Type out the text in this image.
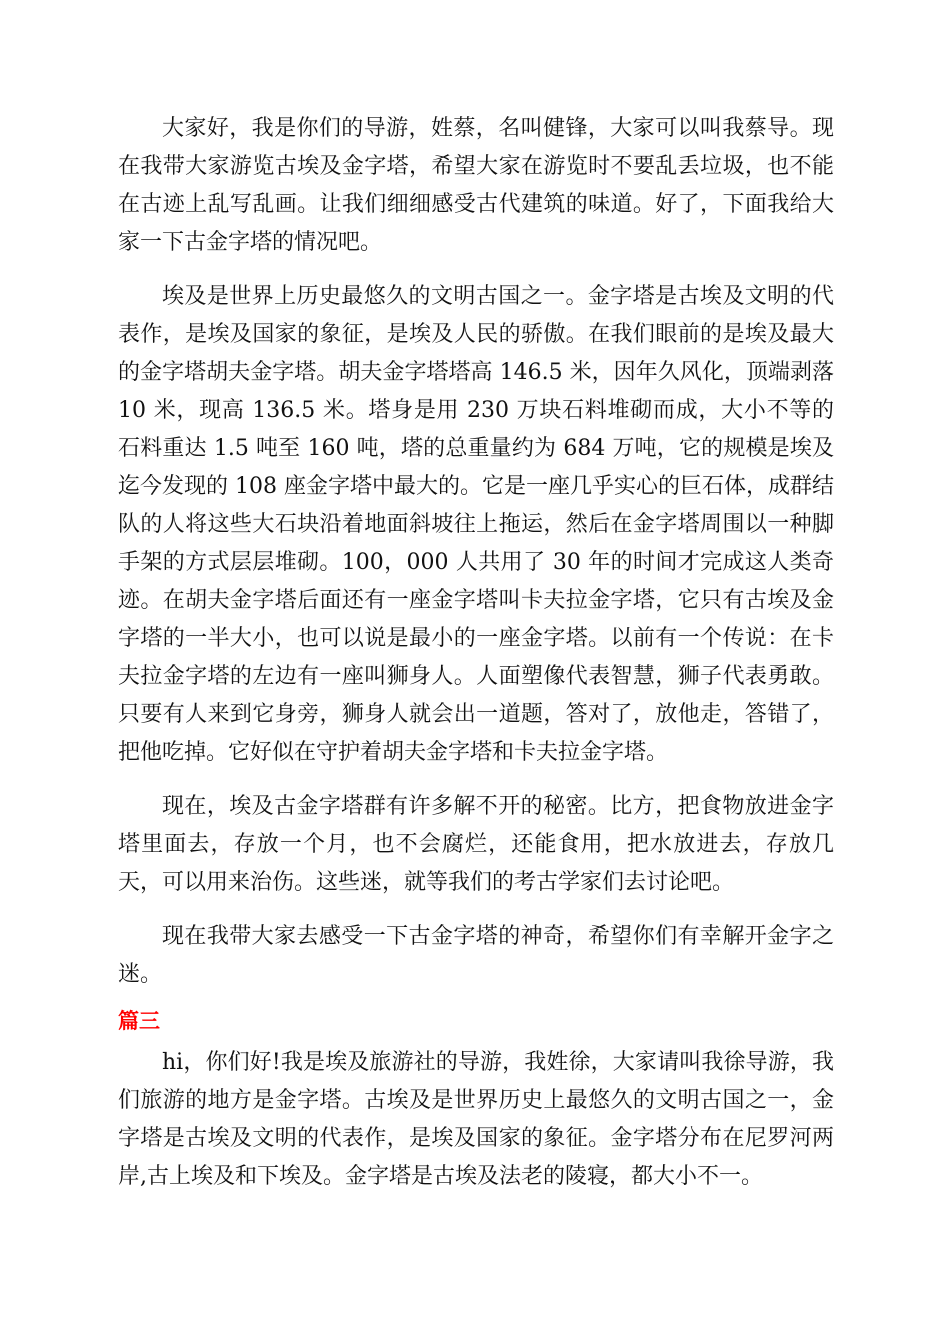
大家好，我是你们的导游，姓蔡，名叫健锋，大家可以叫我蔡导。现在我带大家游览古埃及金字塔，希望大家在游览时不要乱丢垃圾，也不能在古迹上乱写乱画。让我们细细感受古代建筑的味道。好了，下面我给大家一下古金字塔的情况吧。

埃及是世界上历史最悠久的文明古国之一。金字塔是古埃及文明的代表作，是埃及国家的象征，是埃及人民的骄傲。在我们眼前的是埃及最大的金字塔胡夫金字塔。胡夫金字塔塔高 146.5 米，因年久风化，顶端剥落 10 米，现高 136.5 米。塔身是用 230 万块石料堆砌而成，大小不等的石料重达 1.5 吨至 160 吨，塔的总重量约为 684 万吨，它的规模是埃及迄今发现的 108 座金字塔中最大的。它是一座几乎实心的巨石体，成群结队的人将这些大石块沿着地面斜坡往上拖运，然后在金字塔周围以一种脚手架的方式层层堆砌。100，000 人共用了 30 年的时间才完成这人类奇迹。在胡夫金字塔后面还有一座金字塔叫卡夫拉金字塔，它只有古埃及金字塔的一半大小，也可以说是最小的一座金字塔。以前有一个传说：在卡夫拉金字塔的左边有一座叫狮身人。人面塑像代表智慧，狮子代表勇敢。只要有人来到它身旁，狮身人就会出一道题，答对了，放他走，答错了，把他吃掉。它好似在守护着胡夫金字塔和卡夫拉金字塔。

现在，埃及古金字塔群有许多解不开的秘密。比方，把食物放进金字塔里面去，存放一个月，也不会腐烂，还能食用，把水放进去，存放几天，可以用来治伤。这些迷，就等我们的考古学家们去讨论吧。

现在我带大家去感受一下古金字塔的神奇，希望你们有幸解开金字之迷。

篇三

hi，你们好!我是埃及旅游社的导游，我姓徐，大家请叫我徐导游，我们旅游的地方是金字塔。古埃及是世界历史上最悠久的文明古国之一，金字塔是古埃及文明的代表作，是埃及国家的象征。金字塔分布在尼罗河两岸,古上埃及和下埃及。金字塔是古埃及法老的陵寝，都大小不一。
